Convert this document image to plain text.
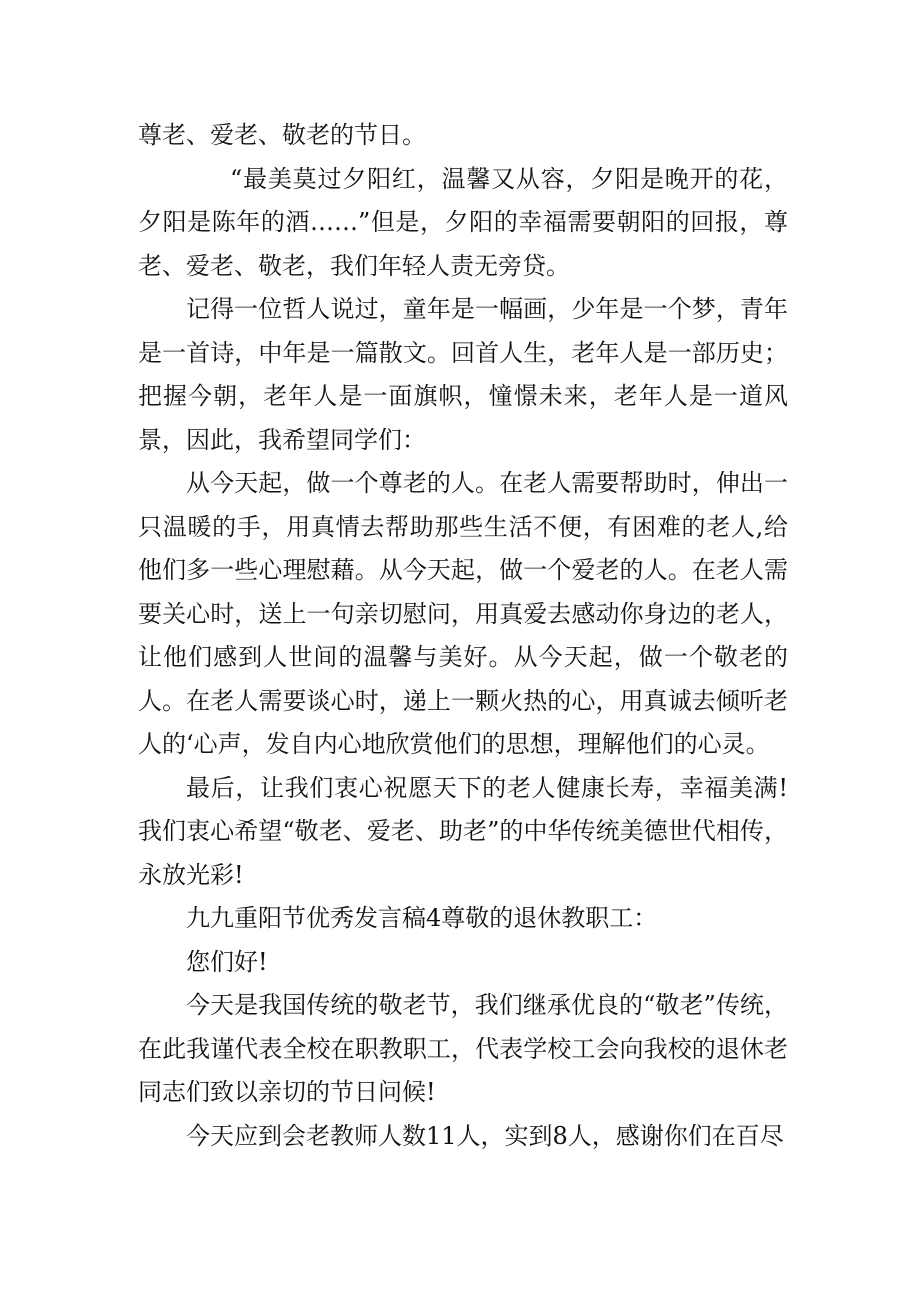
尊老、爱老、敬老的节日。

“最美莫过夕阳红，温馨又从容，夕阳是晚开的花，夕阳是陈年的酒……”但是，夕阳的幸福需要朝阳的回报，尊老、爱老、敬老，我们年轻人责无旁贷。

记得一位哲人说过，童年是一幅画，少年是一个梦，青年是一首诗，中年是一篇散文。回首人生，老年人是一部历史；把握今朝，老年人是一面旗帜，憧憬未来，老年人是一道风景，因此，我希望同学们：

从今天起，做一个尊老的人。在老人需要帮助时，伸出一只温暖的手，用真情去帮助那些生活不便，有困难的老人,给他们多一些心理慰藉。从今天起，做一个爱老的人。在老人需要关心时，送上一句亲切慰问，用真爱去感动你身边的老人，让他们感到人世间的温馨与美好。从今天起，做一个敬老的人。在老人需要谈心时，递上一颗火热的心，用真诚去倾听老人的‘心声，发自内心地欣赏他们的思想，理解他们的心灵。

最后，让我们衷心祝愿天下的老人健康长寿，幸福美满!我们衷心希望“敬老、爱老、助老”的中华传统美德世代相传，永放光彩!

九九重阳节优秀发言稿4尊敬的退休教职工：

您们好!

今天是我国传统的敬老节，我们继承优良的“敬老”传统，在此我谨代表全校在职教职工，代表学校工会向我校的退休老同志们致以亲切的节日问候!

今天应到会老教师人数11人，实到8人，感谢你们在百尽
